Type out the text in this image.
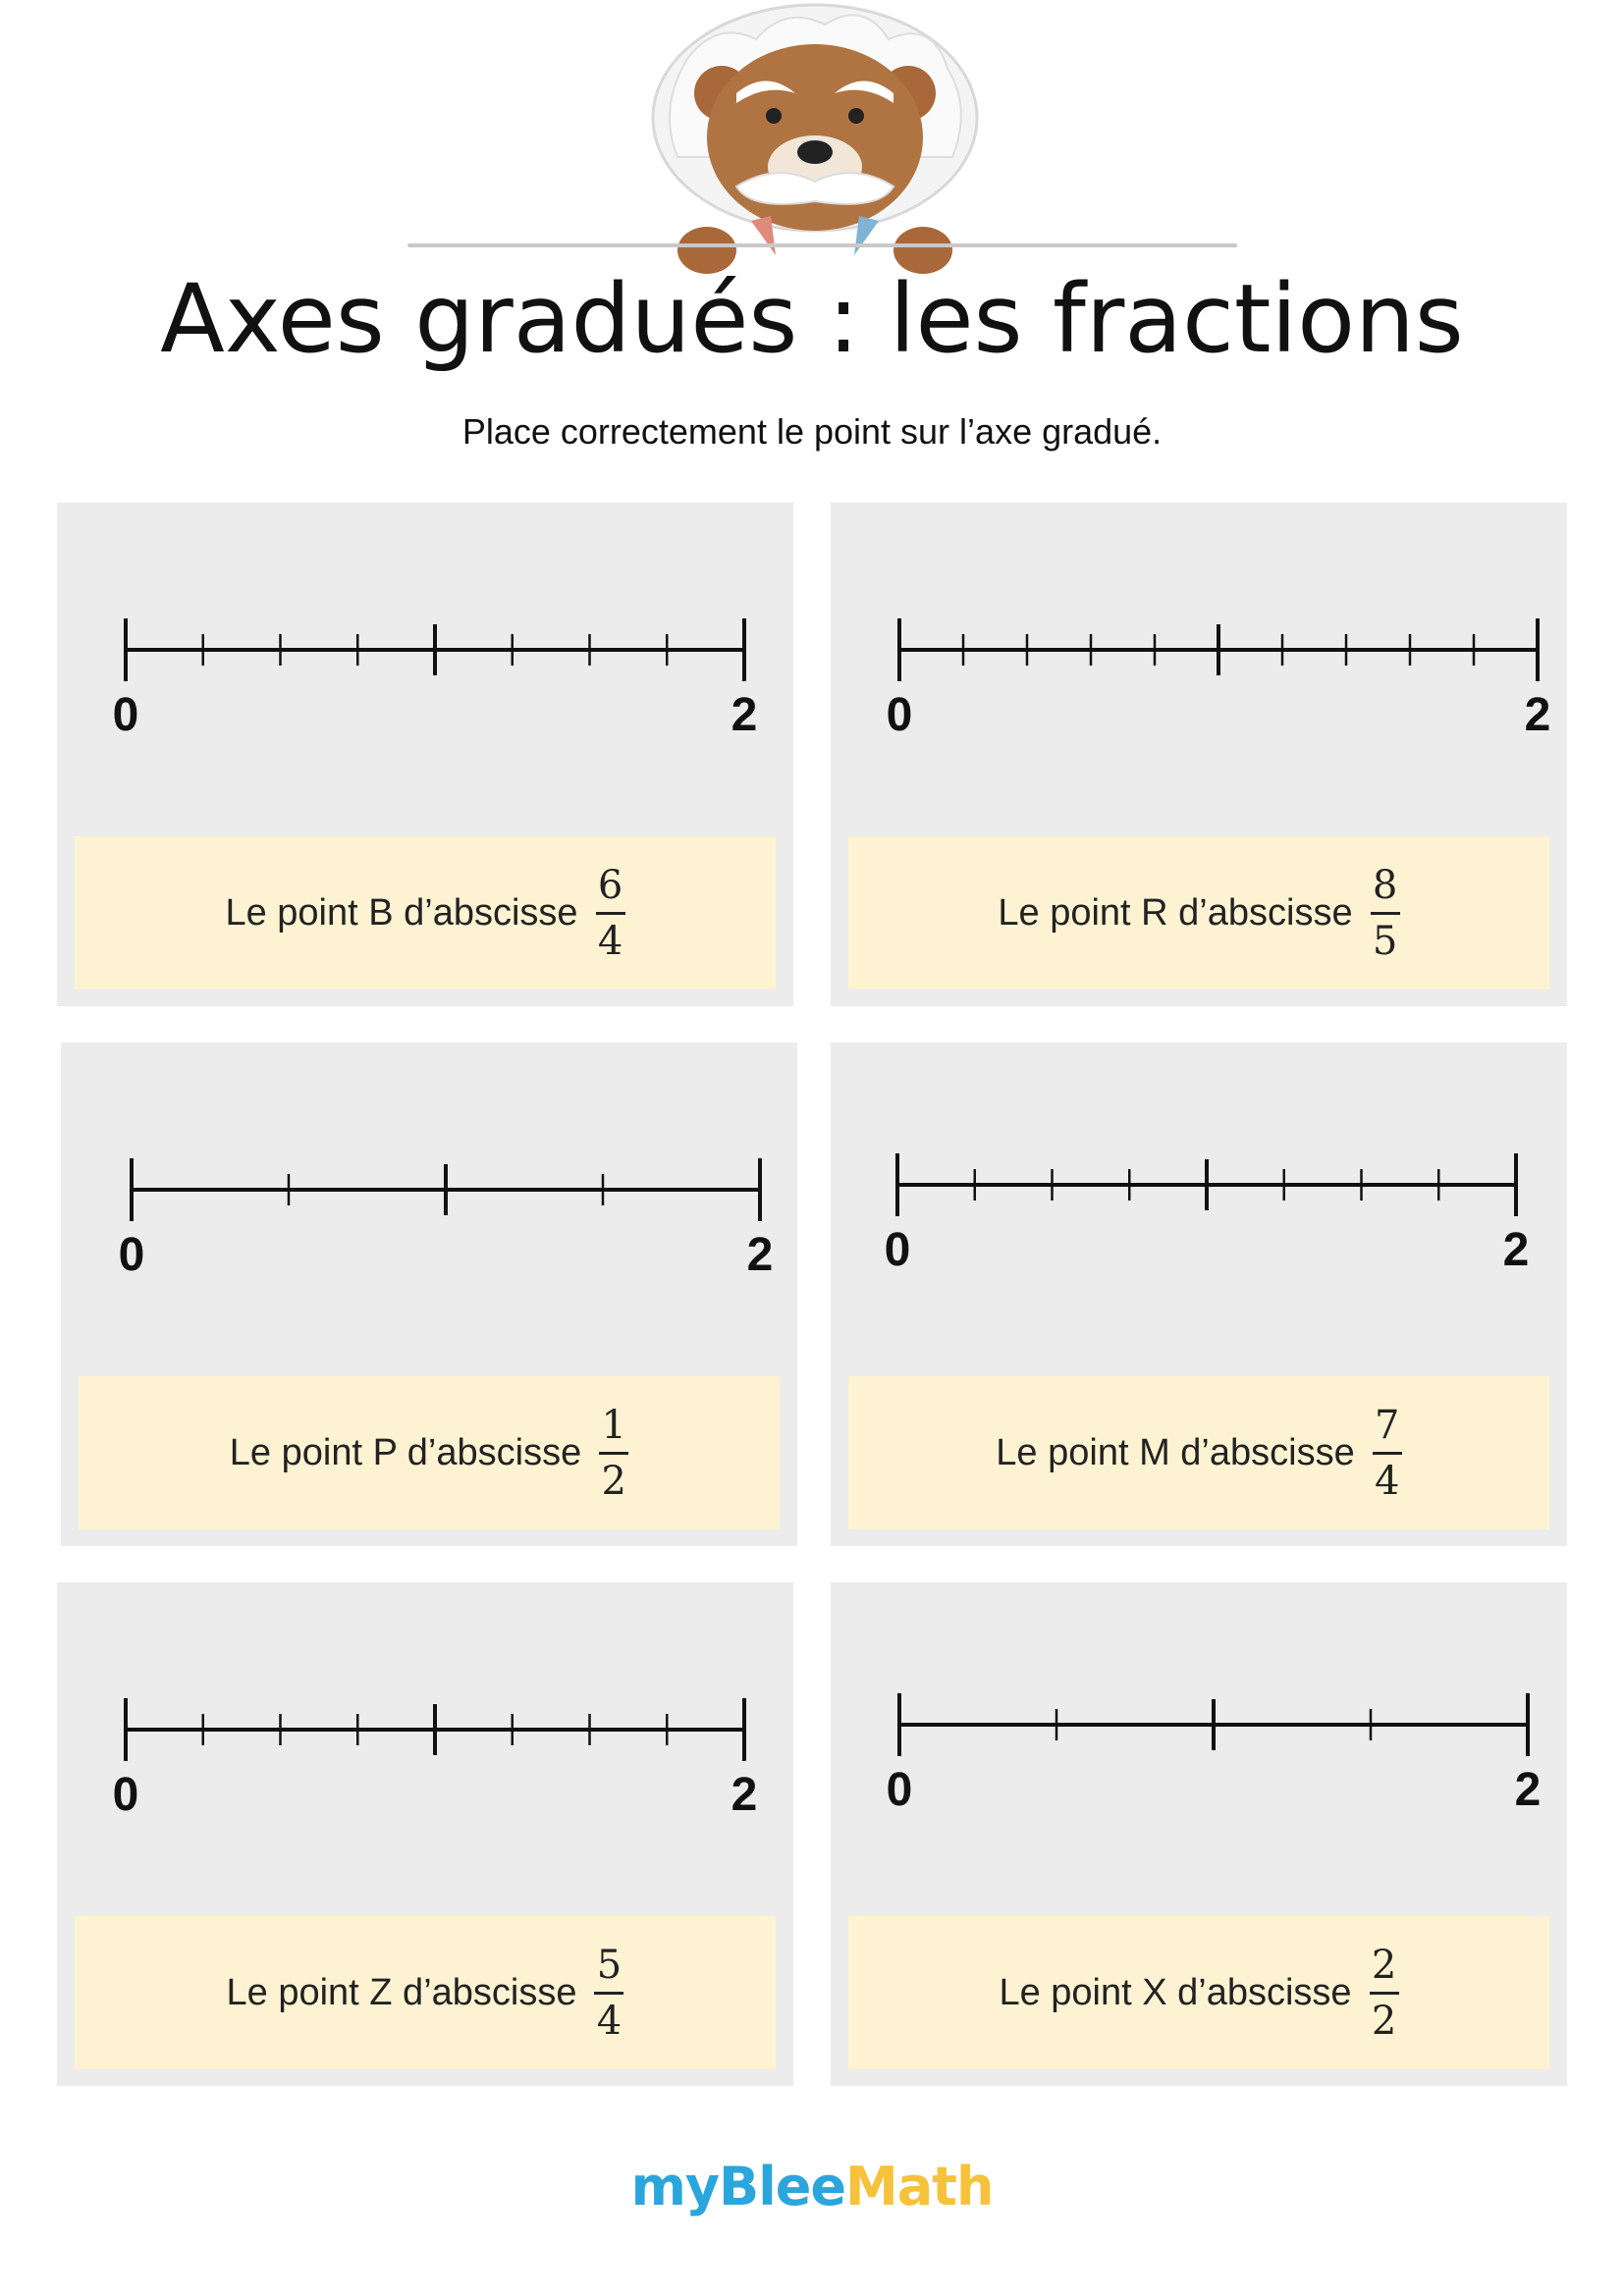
Axes gradués : les fractions
Place correctement le point sur l’axe gradué.
0	2
Le point B d’abscisse $\frac{6}{4}$
0	2
Le point R d’abscisse $\frac{8}{5}$
0	2
Le point P d’abscisse $\frac{1}{2}$
0	2
Le point M d’abscisse $\frac{7}{4}$
0	2
Le point Z d’abscisse $\frac{5}{4}$
0	2
Le point X d’abscisse $\frac{2}{2}$
myBleeMath
